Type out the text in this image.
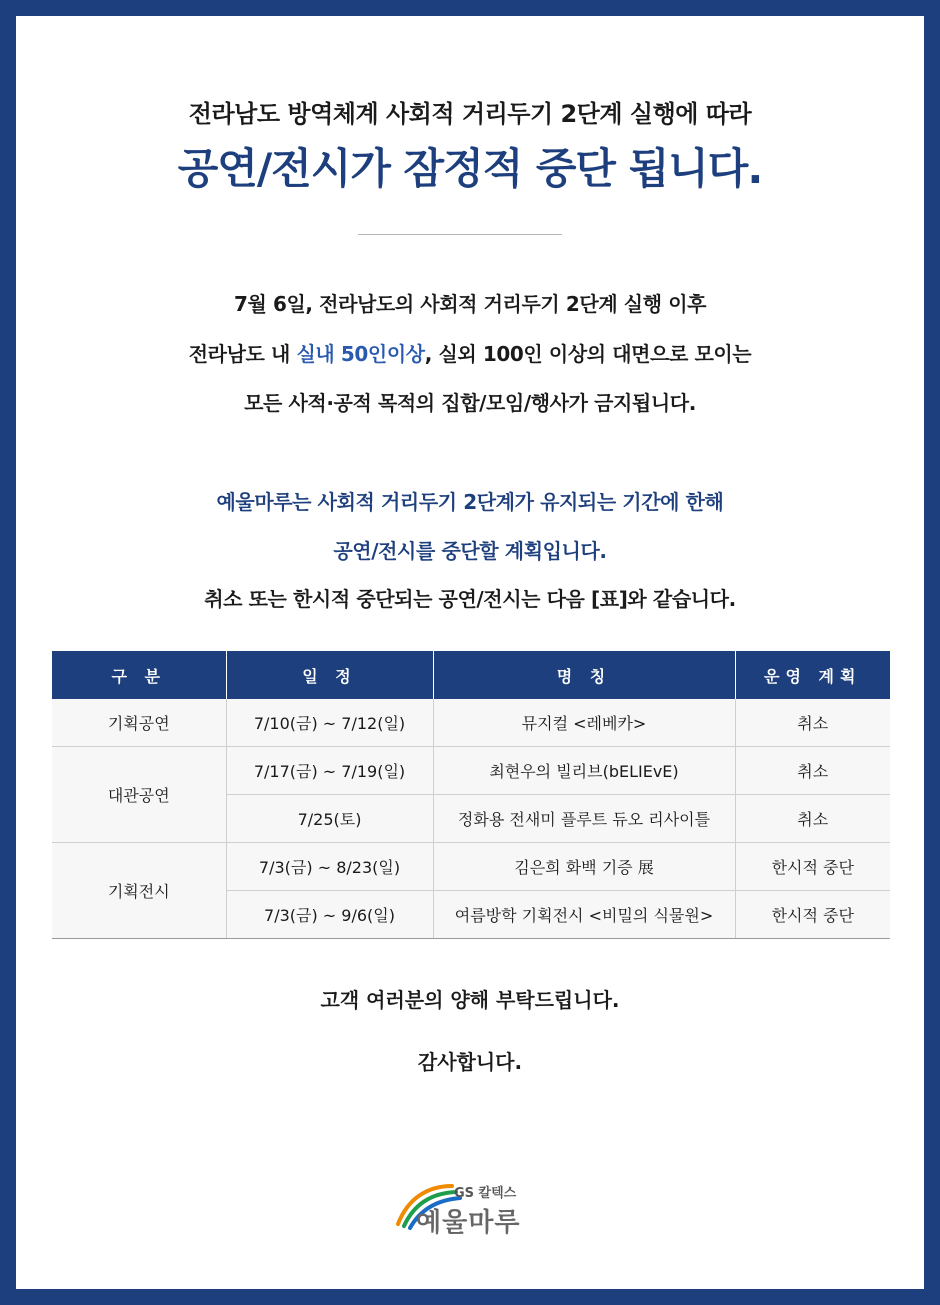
전라남도 방역체계 사회적 거리두기 2단계 실행에 따라
공연/전시가 잠정적 중단 됩니다.
7월 6일, 전라남도의 사회적 거리두기 2단계 실행 이후
전라남도 내 실내 50인이상, 실외 100인 이상의 대면으로 모이는
모든 사적·공적 목적의 집합/모임/행사가 금지됩니다.
예울마루는 사회적 거리두기 2단계가 유지되는 기간에 한해
공연/전시를 중단할 계획입니다.
취소 또는 한시적 중단되는 공연/전시는 다음 [표]와 같습니다.
구 분	일 정	명 칭	운영 계획
기획공연	7/10(금) ~ 7/12(일)	뮤지컬 <레베카>	취소
대관공연	7/17(금) ~ 7/19(일)	최현우의 빌리브(bELIEvE)	취소
	7/25(토)	정화용 전새미 플루트 듀오 리사이틀	취소
기획전시	7/3(금) ~ 8/23(일)	김은희 화백 기증 展	한시적 중단
	7/3(금) ~ 9/6(일)	여름방학 기획전시 <비밀의 식물원>	한시적 중단
고객 여러분의 양해 부탁드립니다.
감사합니다.
GS 칼텍스
예울마루
